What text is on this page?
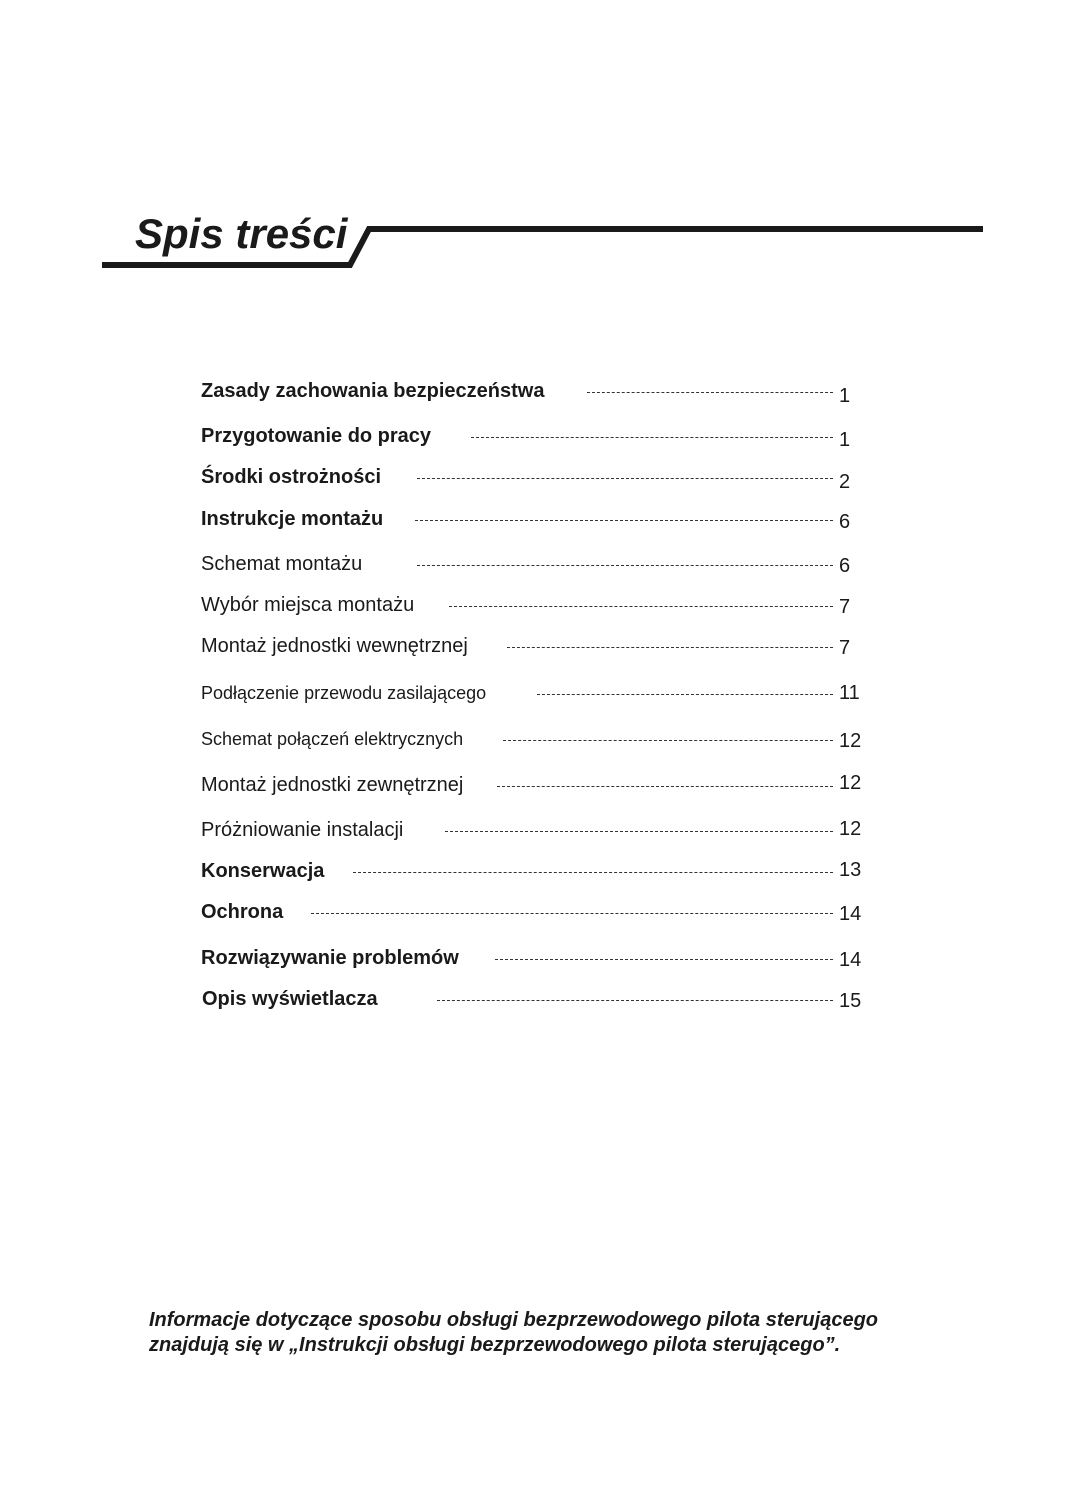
Spis treści
Zasady zachowania bezpieczeństwa	1
Przygotowanie do pracy	1
Środki ostrożności	2
Instrukcje montażu	6
Schemat montażu	6
Wybór miejsca montażu	7
Montaż jednostki wewnętrznej	7
Podłączenie przewodu zasilającego	11
Schemat połączeń elektrycznych	12
Montaż jednostki zewnętrznej	12
Próżniowanie instalacji	12
Konserwacja	13
Ochrona	14
Rozwiązywanie problemów	14
Opis wyświetlacza	15

Informacje dotyczące sposobu obsługi bezprzewodowego pilota sterującego znajdują się w „Instrukcji obsługi bezprzewodowego pilota sterującego”.
